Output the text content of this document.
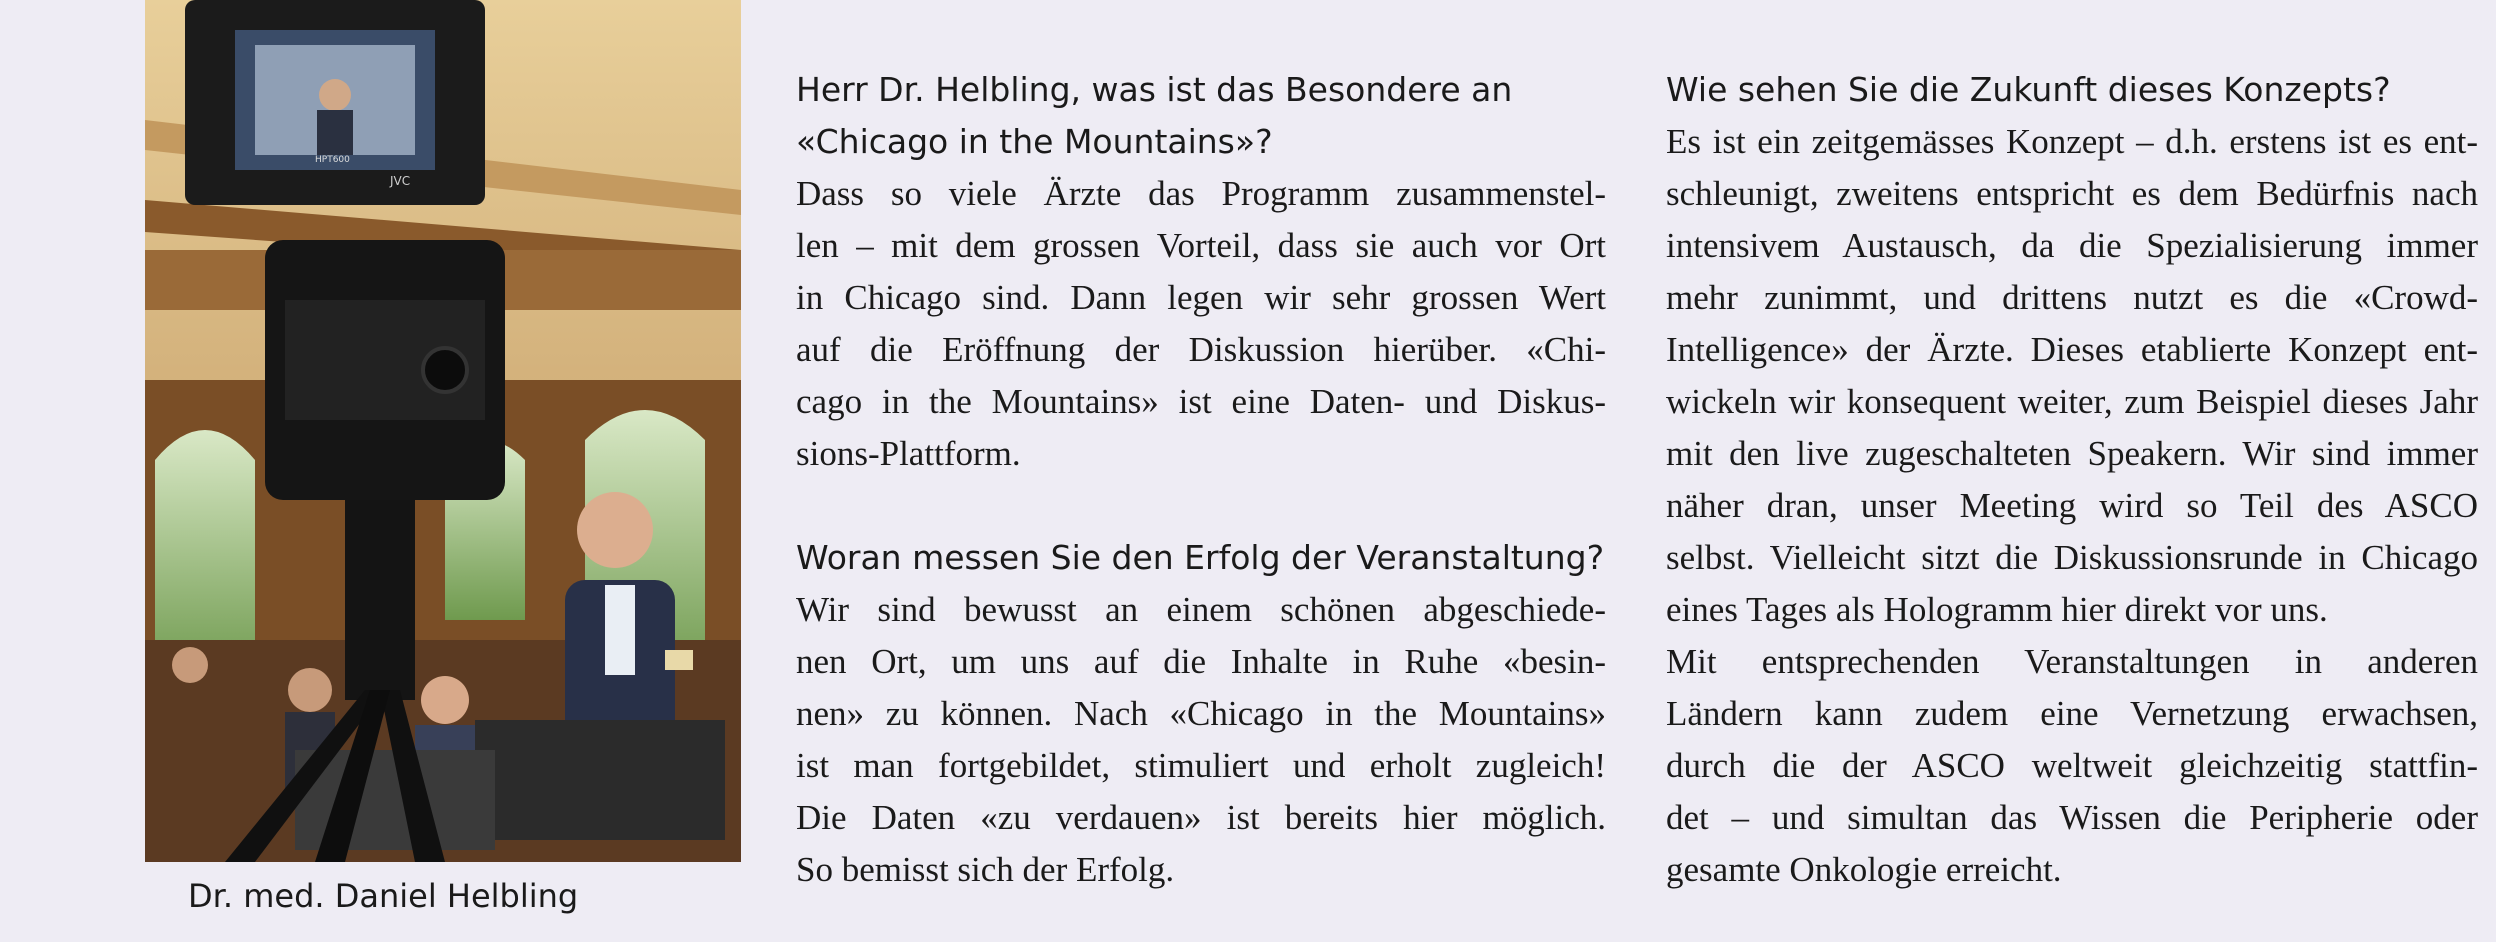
JVC
HPT600
Dr. med. Daniel Helbling

Herr Dr. Helbling, was ist das Besondere an
«Chicago in the Mountains»?

Dass so viele Ärzte das Programm zusammenstel-
len – mit dem grossen Vorteil, dass sie auch vor Ort
in Chicago sind. Dann legen wir sehr grossen Wert
auf die Eröffnung der Diskussion hierüber. «Chi-
cago in the Mountains» ist eine Daten- und Diskus-
sions-Plattform.

Woran messen Sie den Erfolg der Veranstaltung?

Wir sind bewusst an einem schönen abgeschiede-
nen Ort, um uns auf die Inhalte in Ruhe «besin-
nen» zu können. Nach «Chicago in the Mountains»
ist man fortgebildet, stimuliert und erholt zugleich!
Die Daten «zu verdauen» ist bereits hier möglich.
So bemisst sich der Erfolg.

Wie sehen Sie die Zukunft dieses Konzepts?

Es ist ein zeitgemässes Konzept – d.h. erstens ist es ent-
schleunigt, zweitens entspricht es dem Bedürfnis nach
intensivem Austausch, da die Spezialisierung immer
mehr zunimmt, und drittens nutzt es die «Crowd-
Intelligence» der Ärzte. Dieses etablierte Konzept ent-
wickeln wir konsequent weiter, zum Beispiel dieses Jahr
mit den live zugeschalteten Speakern. Wir sind immer
näher dran, unser Meeting wird so Teil des ASCO
selbst. Vielleicht sitzt die Diskussionsrunde in Chicago
eines Tages als Hologramm hier direkt vor uns.

Mit entsprechenden Veranstaltungen in anderen
Ländern kann zudem eine Vernetzung erwachsen,
durch die der ASCO weltweit gleichzeitig stattfin-
det – und simultan das Wissen die Peripherie oder
gesamte Onkologie erreicht.
